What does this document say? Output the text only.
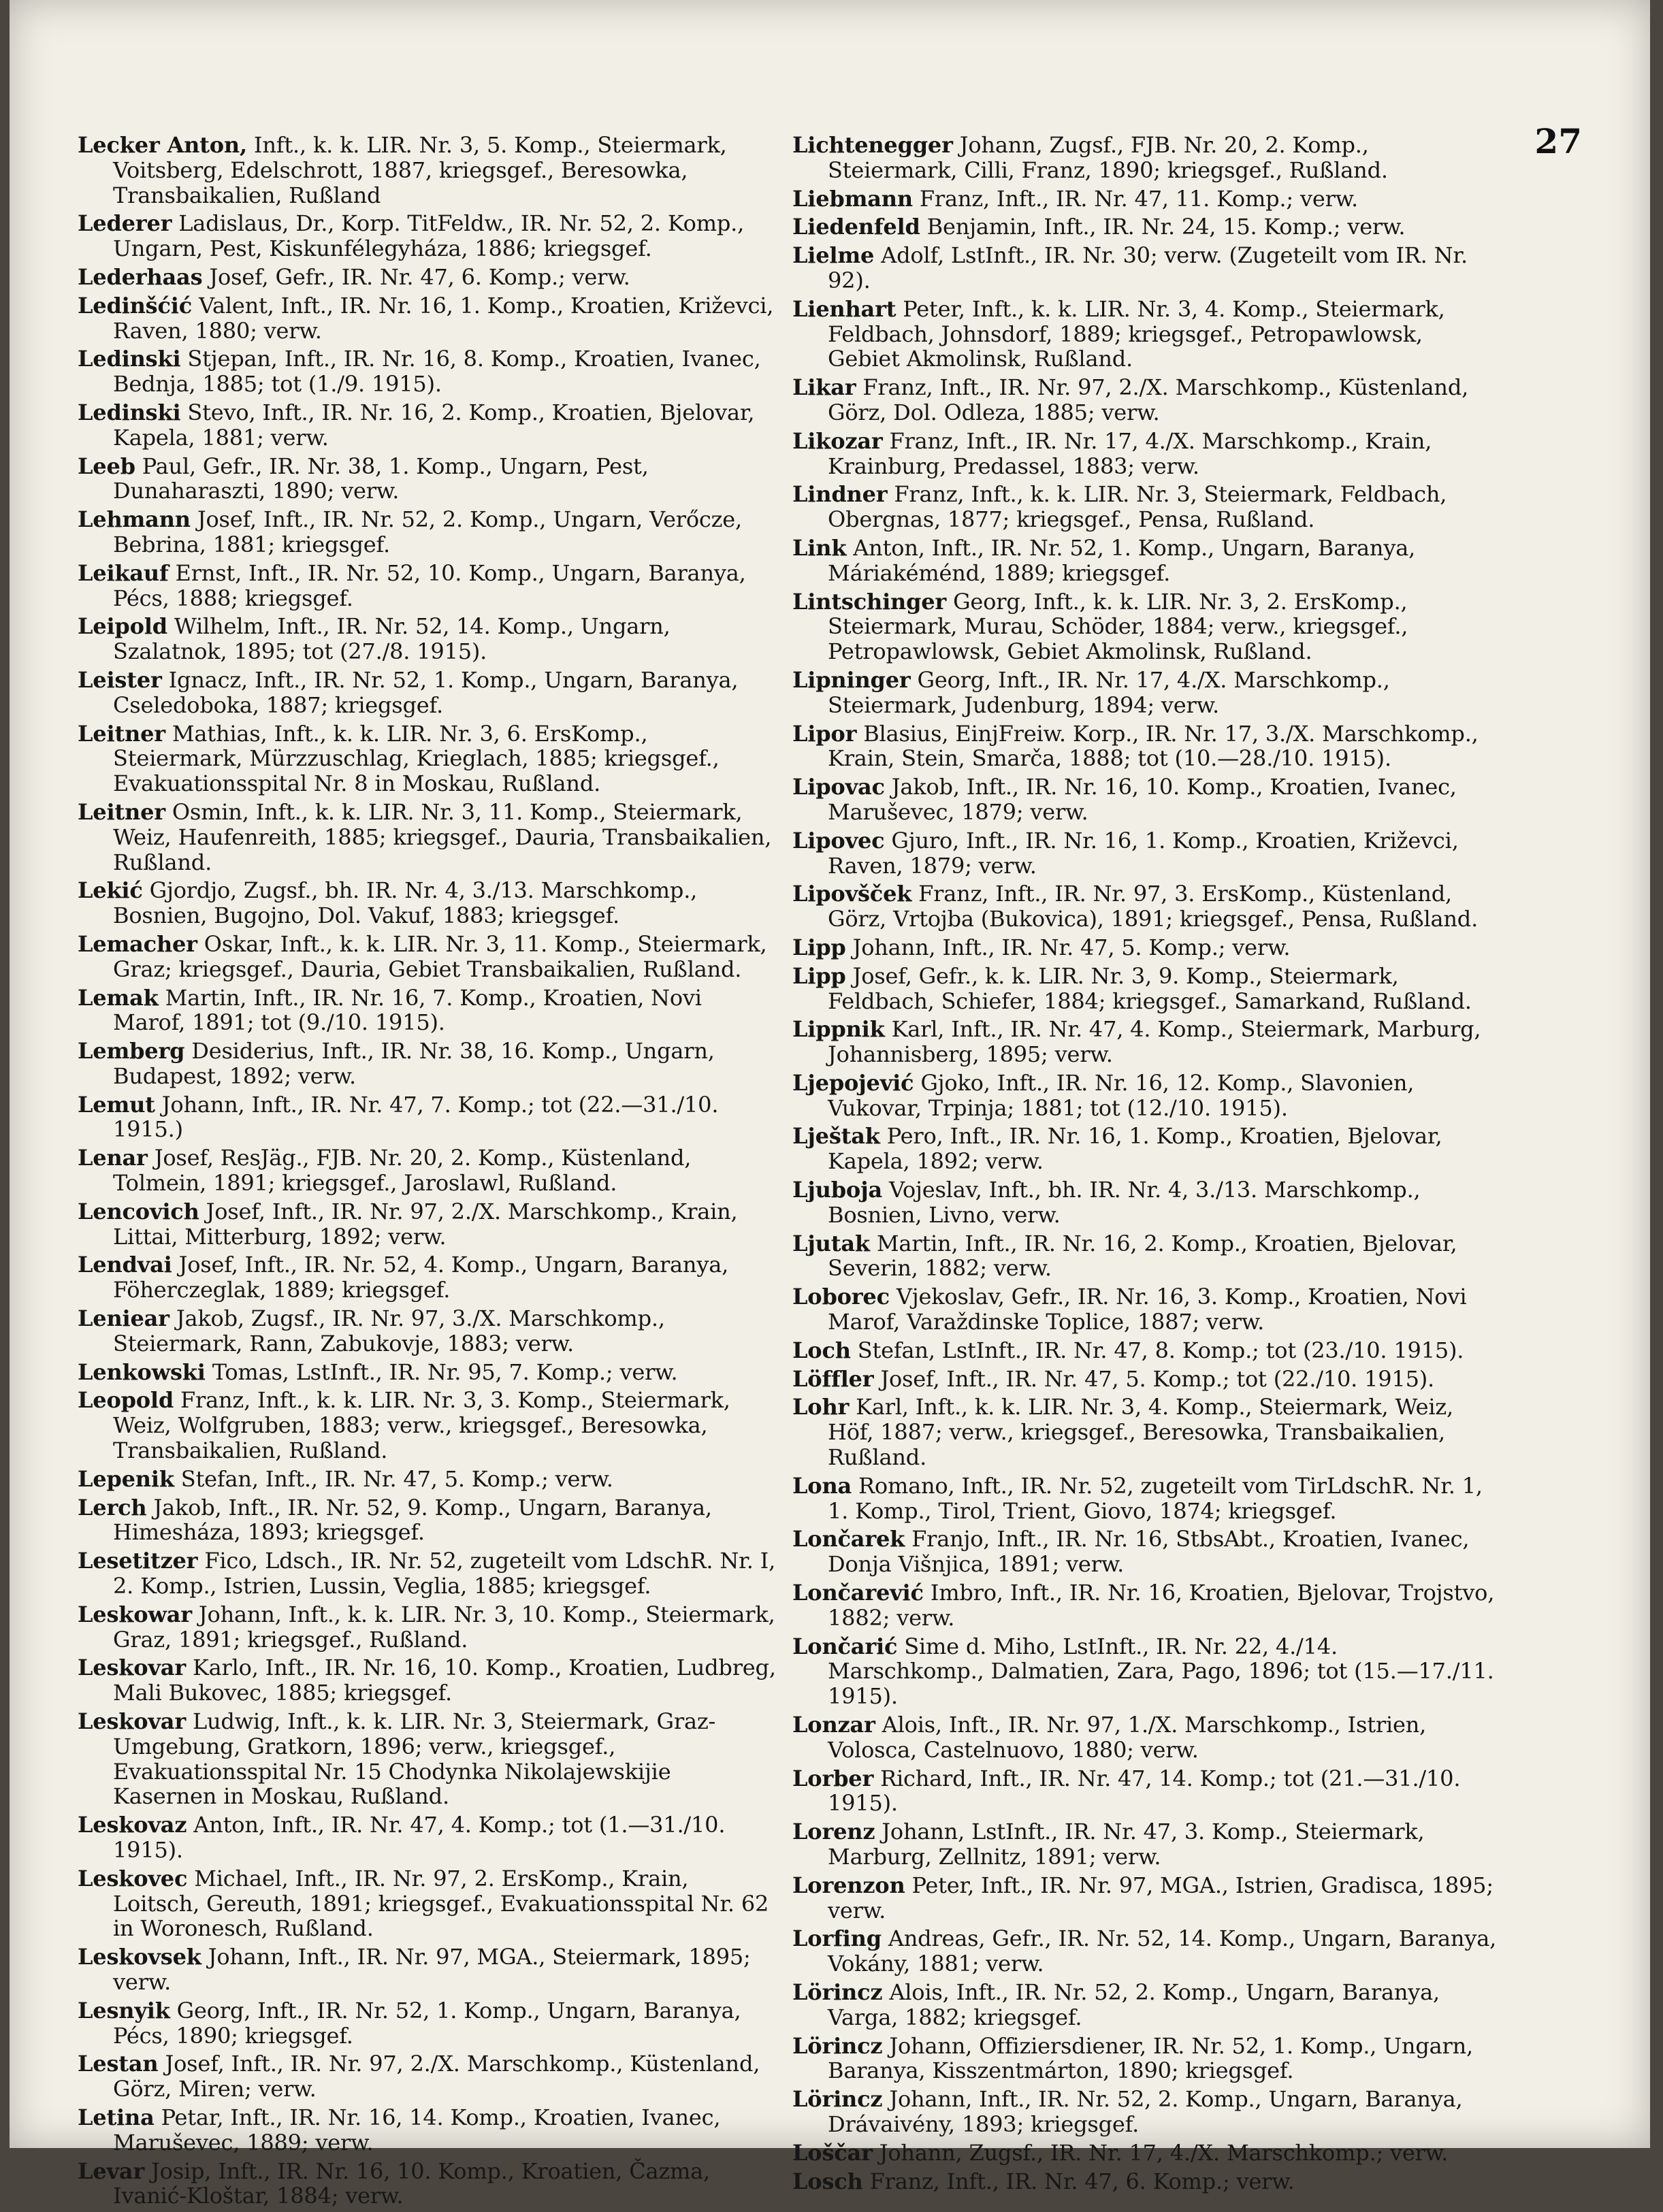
27

Lecker Anton, Inft., k. k. LIR. Nr. 3, 5. Komp., Steiermark, Voitsberg, Edelschrott, 1887, kriegsgef., Beresowka, Transbaikalien, Rußland

Lederer Ladislaus, Dr., Korp. TitFeldw., IR. Nr. 52, 2. Komp., Ungarn, Pest, Kiskunfélegyháza, 1886; kriegsgef.

Lederhaas Josef, Gefr., IR. Nr. 47, 6. Komp.; verw.

Ledinšćić Valent, Inft., IR. Nr. 16, 1. Komp., Kroatien, Križevci, Raven, 1880; verw.

Ledinski Stjepan, Inft., IR. Nr. 16, 8. Komp., Kroatien, Ivanec, Bednja, 1885; tot (1./9. 1915).

Ledinski Stevo, Inft., IR. Nr. 16, 2. Komp., Kroatien, Bjelovar, Kapela, 1881; verw.

Leeb Paul, Gefr., IR. Nr. 38, 1. Komp., Ungarn, Pest, Dunaharaszti, 1890; verw.

Lehmann Josef, Inft., IR. Nr. 52, 2. Komp., Ungarn, Verőcze, Bebrina, 1881; kriegsgef.

Leikauf Ernst, Inft., IR. Nr. 52, 10. Komp., Ungarn, Baranya, Pécs, 1888; kriegsgef.

Leipold Wilhelm, Inft., IR. Nr. 52, 14. Komp., Ungarn, Szalatnok, 1895; tot (27./8. 1915).

Leister Ignacz, Inft., IR. Nr. 52, 1. Komp., Ungarn, Baranya, Cseledoboka, 1887; kriegsgef.

Leitner Mathias, Inft., k. k. LIR. Nr. 3, 6. ErsKomp., Steiermark, Mürzzuschlag, Krieglach, 1885; kriegsgef., Evakuationsspital Nr. 8 in Moskau, Rußland.

Leitner Osmin, Inft., k. k. LIR. Nr. 3, 11. Komp., Steiermark, Weiz, Haufenreith, 1885; kriegsgef., Dauria, Transbaikalien, Rußland.

Lekić Gjordjo, Zugsf., bh. IR. Nr. 4, 3./13. Marschkomp., Bosnien, Bugojno, Dol. Vakuf, 1883; kriegsgef.

Lemacher Oskar, Inft., k. k. LIR. Nr. 3, 11. Komp., Steiermark, Graz; kriegsgef., Dauria, Gebiet Transbaikalien, Rußland.

Lemak Martin, Inft., IR. Nr. 16, 7. Komp., Kroatien, Novi Marof, 1891; tot (9./10. 1915).

Lemberg Desiderius, Inft., IR. Nr. 38, 16. Komp., Ungarn, Budapest, 1892; verw.

Lemut Johann, Inft., IR. Nr. 47, 7. Komp.; tot (22.—31./10. 1915.)

Lenar Josef, ResJäg., FJB. Nr. 20, 2. Komp., Küstenland, Tolmein, 1891; kriegsgef., Jaroslawl, Rußland.

Lencovich Josef, Inft., IR. Nr. 97, 2./X. Marschkomp., Krain, Littai, Mitterburg, 1892; verw.

Lendvai Josef, Inft., IR. Nr. 52, 4. Komp., Ungarn, Baranya, Föherczeglak, 1889; kriegsgef.

Leniear Jakob, Zugsf., IR. Nr. 97, 3./X. Marschkomp., Steiermark, Rann, Zabukovje, 1883; verw.

Lenkowski Tomas, LstInft., IR. Nr. 95, 7. Komp.; verw.

Leopold Franz, Inft., k. k. LIR. Nr. 3, 3. Komp., Steiermark, Weiz, Wolfgruben, 1883; verw., kriegsgef., Beresowka, Transbaikalien, Rußland.

Lepenik Stefan, Inft., IR. Nr. 47, 5. Komp.; verw.

Lerch Jakob, Inft., IR. Nr. 52, 9. Komp., Ungarn, Baranya, Himesháza, 1893; kriegsgef.

Lesetitzer Fico, Ldsch., IR. Nr. 52, zugeteilt vom LdschR. Nr. I, 2. Komp., Istrien, Lussin, Veglia, 1885; kriegsgef.

Leskowar Johann, Inft., k. k. LIR. Nr. 3, 10. Komp., Steiermark, Graz, 1891; kriegsgef., Rußland.

Leskovar Karlo, Inft., IR. Nr. 16, 10. Komp., Kroatien, Ludbreg, Mali Bukovec, 1885; kriegsgef.

Leskovar Ludwig, Inft., k. k. LIR. Nr. 3, Steiermark, Graz-Umgebung, Gratkorn, 1896; verw., kriegsgef., Evakuationsspital Nr. 15 Chodynka Nikolajewskijie Kasernen in Moskau, Rußland.

Leskovaz Anton, Inft., IR. Nr. 47, 4. Komp.; tot (1.—31./10. 1915).

Leskovec Michael, Inft., IR. Nr. 97, 2. ErsKomp., Krain, Loitsch, Gereuth, 1891; kriegsgef., Evakuationsspital Nr. 62 in Woronesch, Rußland.

Leskovsek Johann, Inft., IR. Nr. 97, MGA., Steiermark, 1895; verw.

Lesnyik Georg, Inft., IR. Nr. 52, 1. Komp., Ungarn, Baranya, Pécs, 1890; kriegsgef.

Lestan Josef, Inft., IR. Nr. 97, 2./X. Marschkomp., Küstenland, Görz, Miren; verw.

Letina Petar, Inft., IR. Nr. 16, 14. Komp., Kroatien, Ivanec, Maruševec, 1889; verw.

Levar Josip, Inft., IR. Nr. 16, 10. Komp., Kroatien, Čazma, Ivanić-Kloštar, 1884; verw.

Lichtenegger Johann, Zugsf., FJB. Nr. 20, 2. Komp., Steiermark, Cilli, Franz, 1890; kriegsgef., Rußland.

Liebmann Franz, Inft., IR. Nr. 47, 11. Komp.; verw.

Liedenfeld Benjamin, Inft., IR. Nr. 24, 15. Komp.; verw.

Lielme Adolf, LstInft., IR. Nr. 30; verw. (Zugeteilt vom IR. Nr. 92).

Lienhart Peter, Inft., k. k. LIR. Nr. 3, 4. Komp., Steiermark, Feldbach, Johnsdorf, 1889; kriegsgef., Petropawlowsk, Gebiet Akmolinsk, Rußland.

Likar Franz, Inft., IR. Nr. 97, 2./X. Marschkomp., Küstenland, Görz, Dol. Odleza, 1885; verw.

Likozar Franz, Inft., IR. Nr. 17, 4./X. Marschkomp., Krain, Krainburg, Predassel, 1883; verw.

Lindner Franz, Inft., k. k. LIR. Nr. 3, Steiermark, Feldbach, Obergnas, 1877; kriegsgef., Pensa, Rußland.

Link Anton, Inft., IR. Nr. 52, 1. Komp., Ungarn, Baranya, Máriakéménd, 1889; kriegsgef.

Lintschinger Georg, Inft., k. k. LIR. Nr. 3, 2. ErsKomp., Steiermark, Murau, Schöder, 1884; verw., kriegsgef., Petropawlowsk, Gebiet Akmolinsk, Rußland.

Lipninger Georg, Inft., IR. Nr. 17, 4./X. Marschkomp., Steiermark, Judenburg, 1894; verw.

Lipor Blasius, EinjFreiw. Korp., IR. Nr. 17, 3./X. Marschkomp., Krain, Stein, Smarča, 1888; tot (10.—28./10. 1915).

Lipovac Jakob, Inft., IR. Nr. 16, 10. Komp., Kroatien, Ivanec, Maruševec, 1879; verw.

Lipovec Gjuro, Inft., IR. Nr. 16, 1. Komp., Kroatien, Križevci, Raven, 1879; verw.

Lipovšček Franz, Inft., IR. Nr. 97, 3. ErsKomp., Küstenland, Görz, Vrtojba (Bukovica), 1891; kriegsgef., Pensa, Rußland.

Lipp Johann, Inft., IR. Nr. 47, 5. Komp.; verw.

Lipp Josef, Gefr., k. k. LIR. Nr. 3, 9. Komp., Steiermark, Feldbach, Schiefer, 1884; kriegsgef., Samarkand, Rußland.

Lippnik Karl, Inft., IR. Nr. 47, 4. Komp., Steiermark, Marburg, Johannisberg, 1895; verw.

Ljepojević Gjoko, Inft., IR. Nr. 16, 12. Komp., Slavonien, Vukovar, Trpinja; 1881; tot (12./10. 1915).

Lještak Pero, Inft., IR. Nr. 16, 1. Komp., Kroatien, Bjelovar, Kapela, 1892; verw.

Ljuboja Vojeslav, Inft., bh. IR. Nr. 4, 3./13. Marschkomp., Bosnien, Livno, verw.

Ljutak Martin, Inft., IR. Nr. 16, 2. Komp., Kroatien, Bjelovar, Severin, 1882; verw.

Loborec Vjekoslav, Gefr., IR. Nr. 16, 3. Komp., Kroatien, Novi Marof, Varaždinske Toplice, 1887; verw.

Loch Stefan, LstInft., IR. Nr. 47, 8. Komp.; tot (23./10. 1915).

Löffler Josef, Inft., IR. Nr. 47, 5. Komp.; tot (22./10. 1915).

Lohr Karl, Inft., k. k. LIR. Nr. 3, 4. Komp., Steiermark, Weiz, Höf, 1887; verw., kriegsgef., Beresowka, Transbaikalien, Rußland.

Lona Romano, Inft., IR. Nr. 52, zugeteilt vom TirLdschR. Nr. 1, 1. Komp., Tirol, Trient, Giovo, 1874; kriegsgef.

Lončarek Franjo, Inft., IR. Nr. 16, StbsAbt., Kroatien, Ivanec, Donja Višnjica, 1891; verw.

Lončarević Imbro, Inft., IR. Nr. 16, Kroatien, Bjelovar, Trojstvo, 1882; verw.

Lončarić Sime d. Miho, LstInft., IR. Nr. 22, 4./14. Marschkomp., Dalmatien, Zara, Pago, 1896; tot (15.—17./11. 1915).

Lonzar Alois, Inft., IR. Nr. 97, 1./X. Marschkomp., Istrien, Volosca, Castelnuovo, 1880; verw.

Lorber Richard, Inft., IR. Nr. 47, 14. Komp.; tot (21.—31./10. 1915).

Lorenz Johann, LstInft., IR. Nr. 47, 3. Komp., Steiermark, Marburg, Zellnitz, 1891; verw.

Lorenzon Peter, Inft., IR. Nr. 97, MGA., Istrien, Gradisca, 1895; verw.

Lorfing Andreas, Gefr., IR. Nr. 52, 14. Komp., Ungarn, Baranya, Vokány, 1881; verw.

Lörincz Alois, Inft., IR. Nr. 52, 2. Komp., Ungarn, Baranya, Varga, 1882; kriegsgef.

Lörincz Johann, Offiziersdiener, IR. Nr. 52, 1. Komp., Ungarn, Baranya, Kisszentmárton, 1890; kriegsgef.

Lörincz Johann, Inft., IR. Nr. 52, 2. Komp., Ungarn, Baranya, Drávaivény, 1893; kriegsgef.

Loščar Johann, Zugsf., IR. Nr. 17, 4./X. Marschkomp.; verw.

Losch Franz, Inft., IR. Nr. 47, 6. Komp.; verw.
